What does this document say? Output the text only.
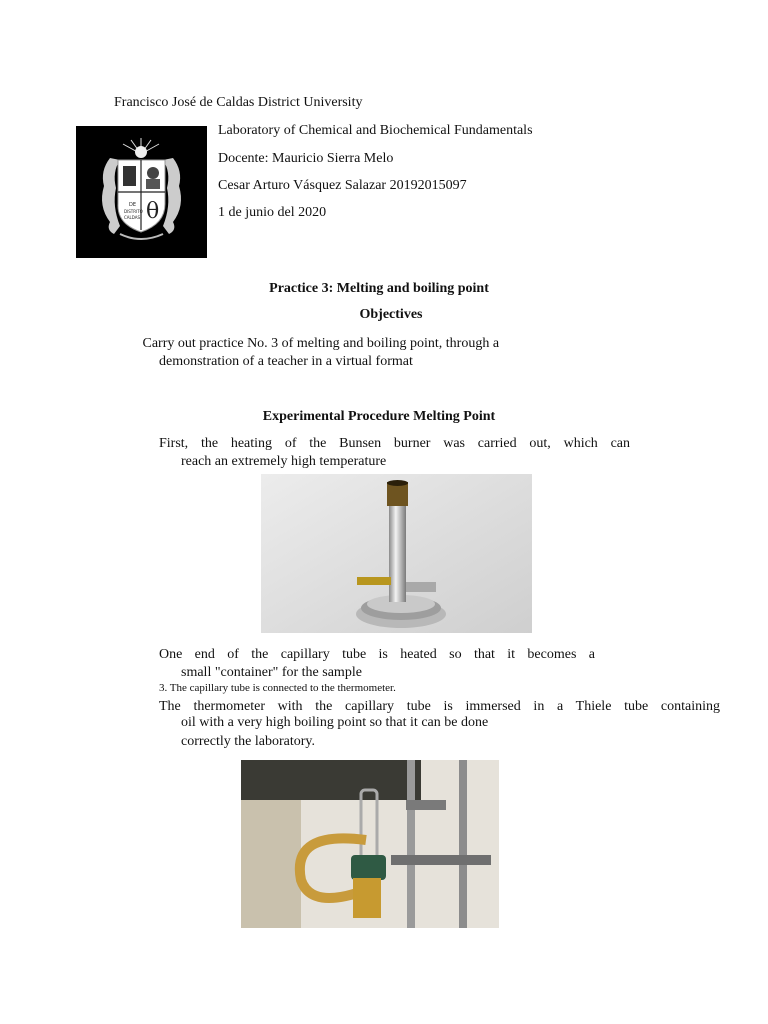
Francisco José de Caldas District University
DE
DISTRITO
CALDAS θ
Laboratory of Chemical and Biochemical Fundamentals
Docente: Mauricio Sierra Melo
Cesar Arturo Vásquez Salazar 20192015097
1 de junio del 2020
Practice 3: Melting and boiling point
Objectives
Carry out practice No. 3 of melting and boiling point, through a
demonstration of a teacher in a virtual format
Experimental Procedure Melting Point
First, the heating of the Bunsen burner was carried out, which can
reach an extremely high temperature
One end of the capillary tube is heated so that it becomes a
small "container" for the sample
3. The capillary tube is connected to the thermometer.
The thermometer with the capillary tube is immersed in a Thiele tube containing
oil with a very high boiling point so that it can be done
correctly the laboratory.
